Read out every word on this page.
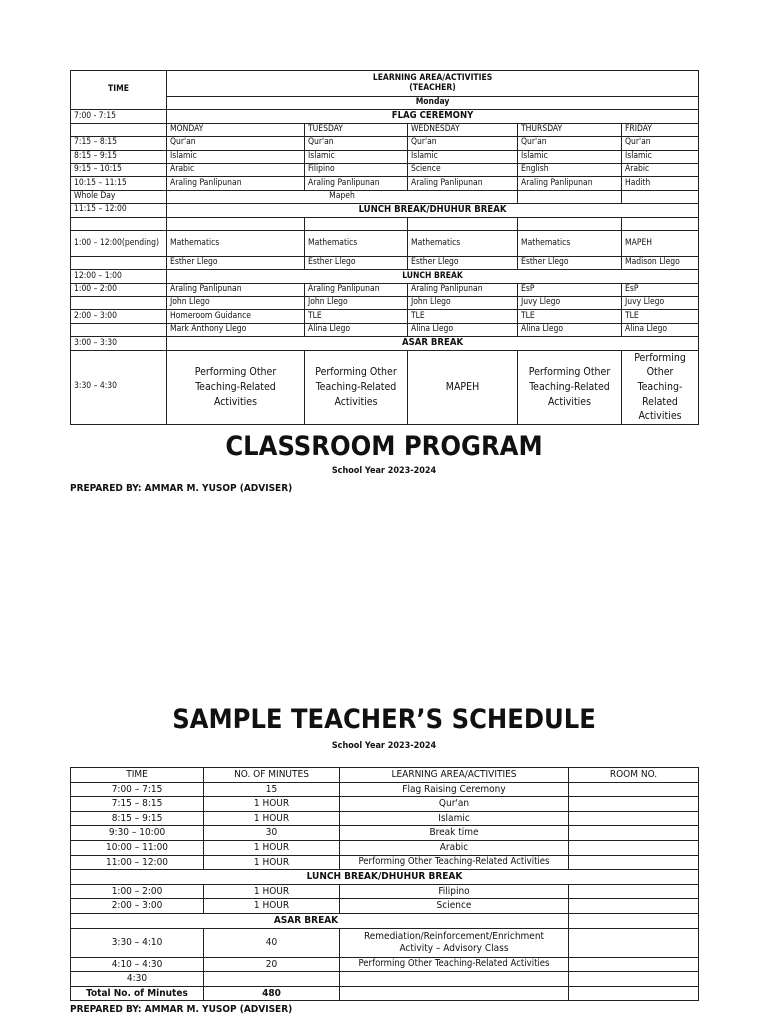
TIME	LEARNING AREA/ACTIVITIES
(TEACHER)				
	Monday				
7:00 - 7:15	FLAG CEREMONY				
	MONDAY	TUESDAY	WEDNESDAY	THURSDAY	FRIDAY
7:15 – 8:15	Qur'an	Qur'an	Qur'an	Qur'an	Qur'an
8:15 – 9:15	Islamic	Islamic	Islamic	Islamic	Islamic
9:15 – 10:15	Arabic	Filipino	Science	English	Arabic
10:15 – 11:15	Araling Panlipunan	Araling Panlipunan	Araling Panlipunan	Araling Panlipunan	Hadith
Whole Day	Mapeh				
11:15 – 12:00	LUNCH BREAK/DHUHUR BREAK				

1:00 – 12:00(pending)	Mathematics	Mathematics	Mathematics	Mathematics	MAPEH
	Esther Llego	Esther Llego	Esther Llego	Esther Llego	Madison Llego
12:00 – 1:00	LUNCH BREAK				
1:00 – 2:00	Araling Panlipunan	Araling Panlipunan	Araling Panlipunan	EsP	EsP
	John Llego	John Llego	John Llego	Juvy Llego	Juvy Llego
2:00 – 3:00	Homeroom Guidance	TLE	TLE	TLE	TLE
	Mark Anthony Llego	Alina Llego	Alina Llego	Alina Llego	Alina Llego
3:00 – 3:30	ASAR BREAK				
3:30 – 4:30	Performing Other Teaching-Related Activities	Performing Other Teaching-Related Activities	MAPEH	Performing Other Teaching-Related Activities	Performing Other Teaching-Related Activities
CLASSROOM PROGRAM
School Year 2023-2024
PREPARED BY: AMMAR M. YUSOP (ADVISER)
SAMPLE TEACHER’S SCHEDULE
School Year 2023-2024
TIME	NO. OF MINUTES	LEARNING AREA/ACTIVITIES	ROOM NO.
7:00 – 7:15	15	Flag Raising Ceremony	
7:15 – 8:15	1 HOUR	Qur'an	
8:15 – 9:15	1 HOUR	Islamic	
9:30 – 10:00	30	Break time	
10:00 – 11:00	1 HOUR	Arabic	
11:00 – 12:00	1 HOUR	Performing Other Teaching-Related Activities	
LUNCH BREAK/DHUHUR BREAK			
1:00 – 2:00	1 HOUR	Filipino	
2:00 – 3:00	1 HOUR	Science	
ASAR BREAK			
3:30 – 4:10	40	Remediation/Reinforcement/Enrichment Activity – Advisory Class	
4:10 – 4:30	20	Performing Other Teaching-Related Activities	
4:30			
Total No. of Minutes	480		
PREPARED BY: AMMAR M. YUSOP (ADVISER)
